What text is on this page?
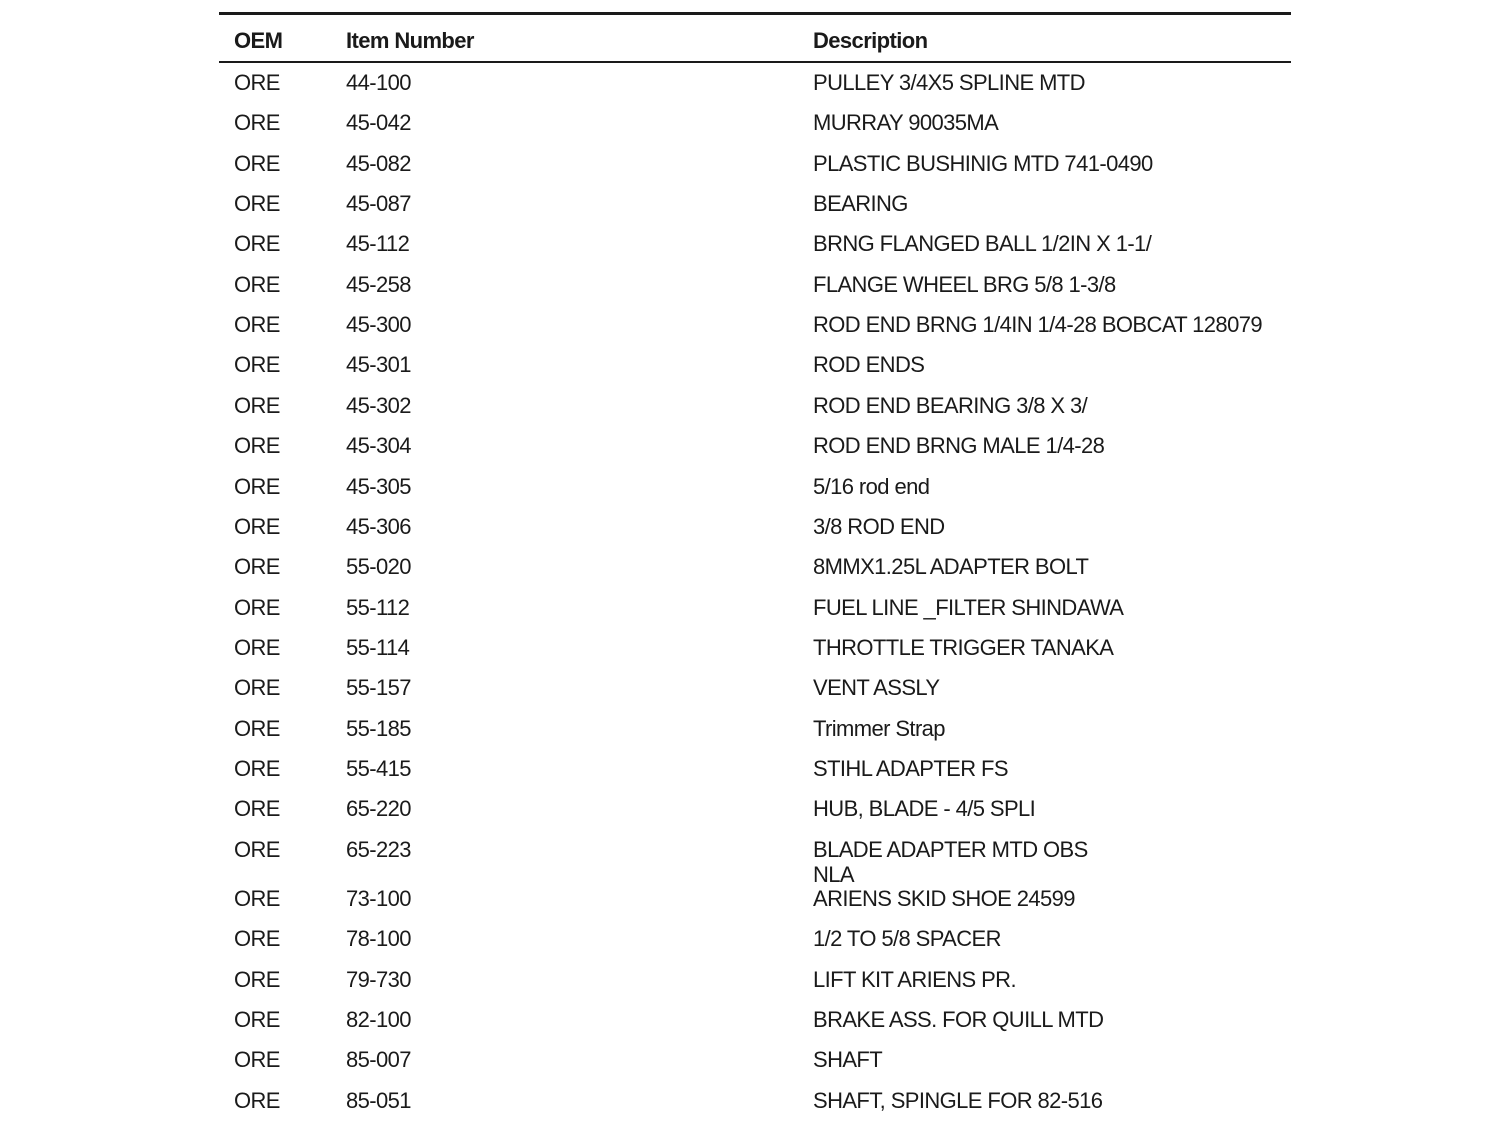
OEM	Item Number	Description
ORE	44-100	PULLEY 3/4X5 SPLINE MTD
ORE	45-042	MURRAY 90035MA
ORE	45-082	PLASTIC BUSHINIG MTD 741-0490
ORE	45-087	BEARING
ORE	45-112	BRNG FLANGED BALL 1/2IN X 1-1/
ORE	45-258	FLANGE WHEEL BRG 5/8 1-3/8
ORE	45-300	ROD END BRNG 1/4IN 1/4-28 BOBCAT 128079
ORE	45-301	ROD ENDS
ORE	45-302	ROD END BEARING 3/8 X 3/
ORE	45-304	ROD END BRNG MALE 1/4-28
ORE	45-305	5/16 rod end
ORE	45-306	3/8 ROD END
ORE	55-020	8MMX1.25L ADAPTER BOLT
ORE	55-112	FUEL LINE _FILTER SHINDAWA
ORE	55-114	THROTTLE TRIGGER TANAKA
ORE	55-157	VENT ASSLY
ORE	55-185	Trimmer Strap
ORE	55-415	STIHL ADAPTER FS
ORE	65-220	HUB, BLADE - 4/5 SPLI
ORE	65-223	BLADE ADAPTER MTD OBS
NLA
ORE	73-100	ARIENS SKID SHOE 24599
ORE	78-100	1/2 TO 5/8 SPACER
ORE	79-730	LIFT KIT ARIENS PR.
ORE	82-100	BRAKE ASS. FOR QUILL MTD
ORE	85-007	SHAFT
ORE	85-051	SHAFT, SPINGLE FOR 82-516
